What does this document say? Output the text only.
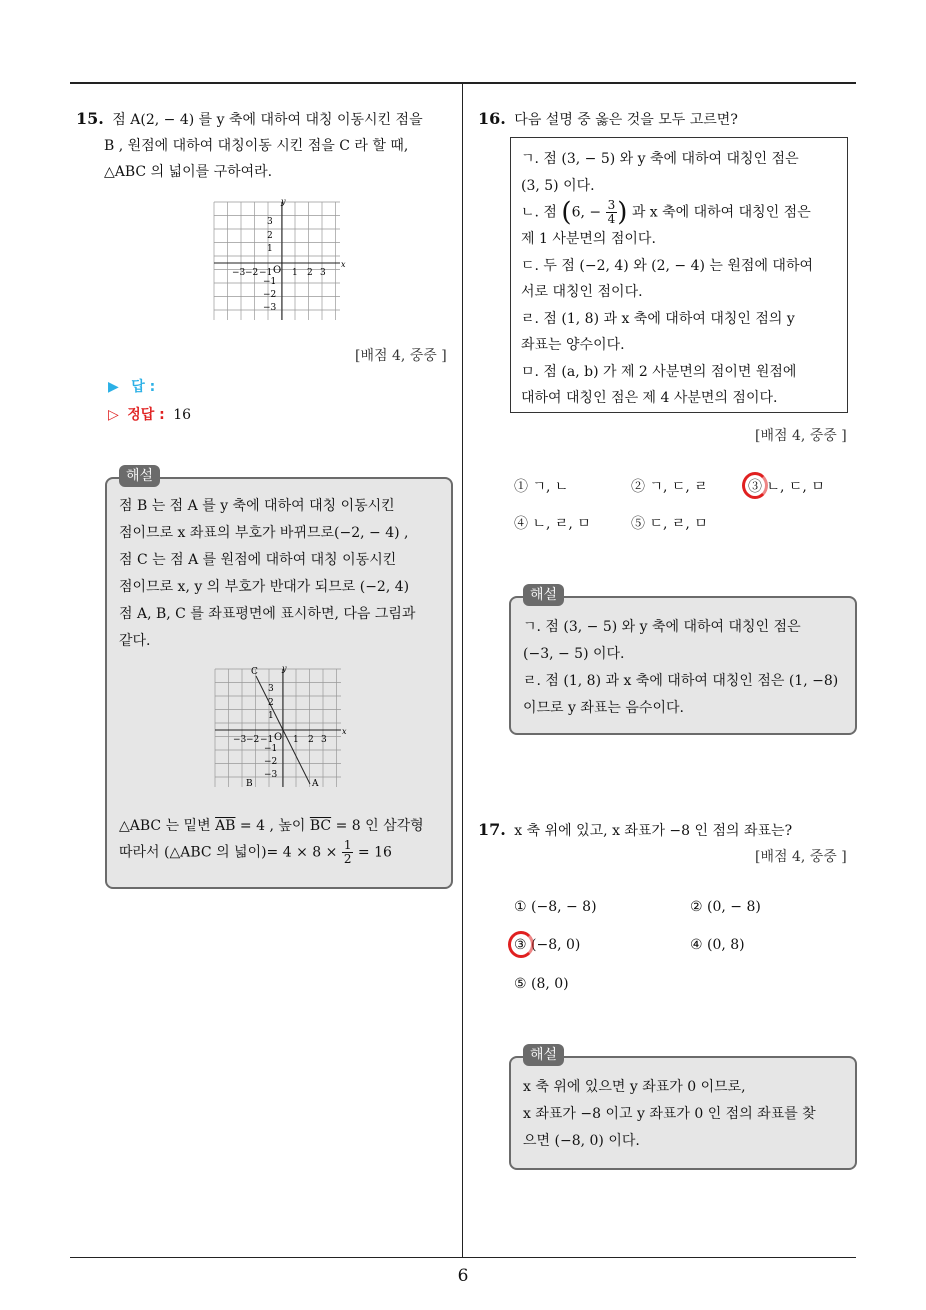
6
15. 점 A(2, − 4) 를 y 축에 대하여 대칭 이동시킨 점을
B , 원점에 대하여 대칭이동 시킨 점을 C 라 할 때,
△ABC 의 넓이를 구하여라.
x
y
O
−3 −2 −1 1 2 3
3
2
1
−1
−2
−3
[배점 4, 중중 ]
▶ 답 :
▷ 정답 : 16
해설
점 B 는 점 A 를 y 축에 대하여 대칭 이동시킨
점이므로 x 좌표의 부호가 바뀌므로(−2, − 4) ,
점 C 는 점 A 를 원점에 대하여 대칭 이동시킨
점이므로 x, y 의 부호가 반대가 되므로 (−2, 4)
점 A, B, C 를 좌표평면에 표시하면, 다음 그림과
같다.
x
y
O
C
B	A
−3 −2 −1 1 2 3
3
2
1
−1
−2
−3
△ABC 는 밑변 $\overline{AB} = 4$ , 높이 $\overline{BC} = 8$ 인 삼각형
따라서 (△ABC 의 넓이)= $4 \times 8 \times \frac{1}{2} = 16$
16. 다음 설명 중 옳은 것을 모두 고르면?
ㄱ. 점 (3, − 5) 와 y 축에 대하여 대칭인 점은
(3, 5) 이다.
ㄴ. 점 (6, − $\frac{3}{4}$ ) 과 x 축에 대하여 대칭인 점은
제 1 사분면의 점이다.
ㄷ. 두 점 (−2, 4) 와 (2, − 4) 는 원점에 대하여
서로 대칭인 점이다.
ㄹ. 점 (1, 8) 과 x 축에 대하여 대칭인 점의 y
좌표는 양수이다.
ㅁ. 점 (a, b) 가 제 2 사분면의 점이면 원점에
대하여 대칭인 점은 제 4 사분면의 점이다.
[배점 4, 중중 ]
① ㄱ, ㄴ	② ㄱ, ㄷ, ㄹ	③ ㄴ, ㄷ, ㅁ
④ ㄴ, ㄹ, ㅁ	⑤ ㄷ, ㄹ, ㅁ
해설
ㄱ. 점 (3, − 5) 와 y 축에 대하여 대칭인 점은
(−3, − 5) 이다.
ㄹ. 점 (1, 8) 과 x 축에 대하여 대칭인 점은 (1, −8)
이므로 y 좌표는 음수이다.
17. x 축 위에 있고, x 좌표가 −8 인 점의 좌표는?
[배점 4, 중중 ]
① (−8, − 8)	② (0, − 8)
③ (−8, 0)	④ (0, 8)
⑤ (8, 0)
해설
x 축 위에 있으면 y 좌표가 0 이므로,
x 좌표가 −8 이고 y 좌표가 0 인 점의 좌표를 찾
으면 (−8, 0) 이다.
